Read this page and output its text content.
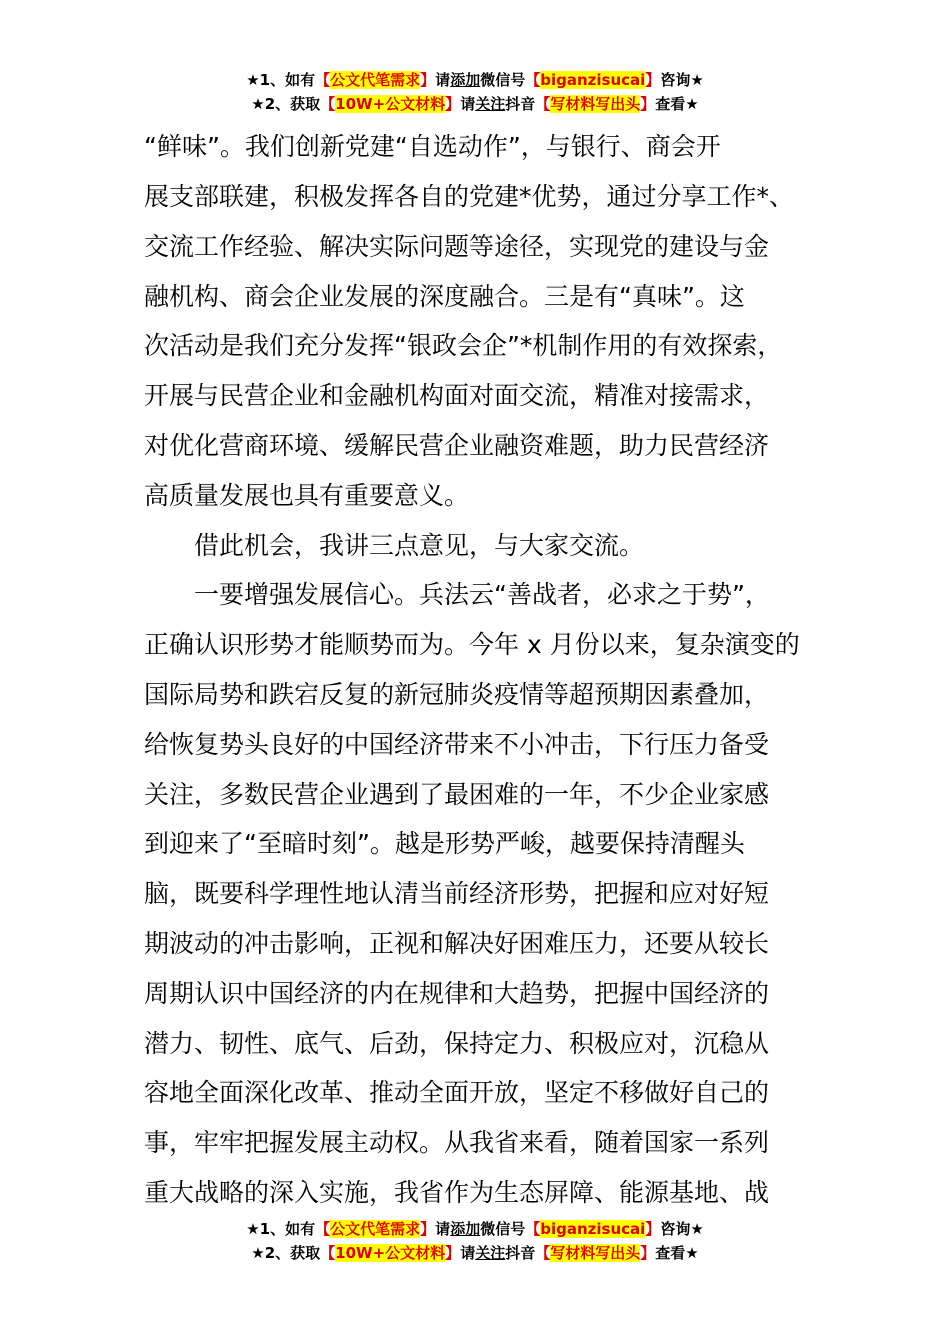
★1、如有【公文代笔需求】请添加微信号【biganzisucai】咨询★
★2、获取【10W+公文材料】请关注抖音【写材料写出头】查看★
“鲜味”。我们创新党建“自选动作”，与银行、商会开
展支部联建，积极发挥各自的党建*优势，通过分享工作*、
交流工作经验、解决实际问题等途径，实现党的建设与金
融机构、商会企业发展的深度融合。三是有“真味”。这
次活动是我们充分发挥“银政会企”*机制作用的有效探索，
开展与民营企业和金融机构面对面交流，精准对接需求，
对优化营商环境、缓解民营企业融资难题，助力民营经济
高质量发展也具有重要意义。
　　借此机会，我讲三点意见，与大家交流。
　　一要增强发展信心。兵法云“善战者，必求之于势”，
正确认识形势才能顺势而为。今年 x 月份以来，复杂演变的
国际局势和跌宕反复的新冠肺炎疫情等超预期因素叠加，
给恢复势头良好的中国经济带来不小冲击，下行压力备受
关注，多数民营企业遇到了最困难的一年，不少企业家感
到迎来了“至暗时刻”。越是形势严峻，越要保持清醒头
脑，既要科学理性地认清当前经济形势，把握和应对好短
期波动的冲击影响，正视和解决好困难压力，还要从较长
周期认识中国经济的内在规律和大趋势，把握中国经济的
潜力、韧性、底气、后劲，保持定力、积极应对，沉稳从
容地全面深化改革、推动全面开放，坚定不移做好自己的
事，牢牢把握发展主动权。从我省来看，随着国家一系列
重大战略的深入实施，我省作为生态屏障、能源基地、战
★1、如有【公文代笔需求】请添加微信号【biganzisucai】咨询★
★2、获取【10W+公文材料】请关注抖音【写材料写出头】查看★
